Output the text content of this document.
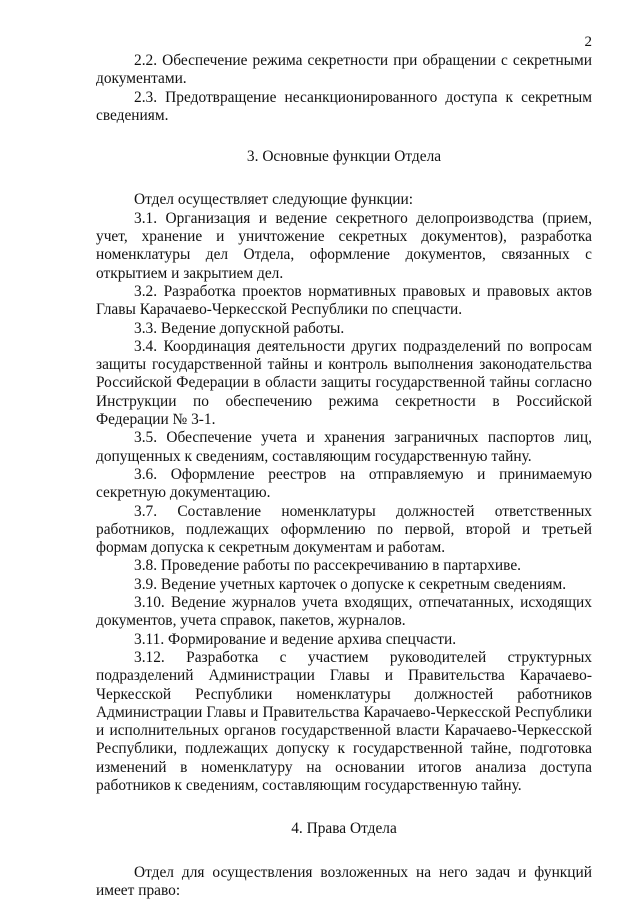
2

2.2. Обеспечение режима секретности при обращении с секретными документами.

2.3. Предотвращение несанкционированного доступа к секретным сведениям.

3. Основные функции Отдела

Отдел осуществляет следующие функции:

3.1. Организация и ведение секретного делопроизводства (прием, учет, хранение и уничтожение секретных документов), разработка номенклатуры дел Отдела, оформление документов, связанных с открытием и закрытием дел.

3.2. Разработка проектов нормативных правовых и правовых актов Главы Карачаево-Черкесской Республики по спецчасти.

3.3. Ведение допускной работы.

3.4. Координация деятельности других подразделений по вопросам защиты государственной тайны и контроль выполнения законодательства Российской Федерации в области защиты государственной тайны согласно Инструкции по обеспечению режима секретности в Российской Федерации № 3-1.

3.5. Обеспечение учета и хранения заграничных паспортов лиц, допущенных к сведениям, составляющим государственную тайну.

3.6. Оформление реестров на отправляемую и принимаемую секретную документацию.

3.7. Составление номенклатуры должностей ответственных работников, подлежащих оформлению по первой, второй и третьей формам допуска к секретным документам и работам.

3.8. Проведение работы по рассекречиванию в партархиве.

3.9. Ведение учетных карточек о допуске к секретным сведениям.

3.10. Ведение журналов учета входящих, отпечатанных, исходящих документов, учета справок, пакетов, журналов.

3.11. Формирование и ведение архива спецчасти.

3.12. Разработка с участием руководителей структурных подразделений Администрации Главы и Правительства Карачаево-Черкесской Республики номенклатуры должностей работников Администрации Главы и Правительства Карачаево-Черкесской Республики и исполнительных органов государственной власти Карачаево-Черкесской Республики, подлежащих допуску к государственной тайне, подготовка изменений в номенклатуру на основании итогов анализа доступа работников к сведениям, составляющим государственную тайну.

4. Права Отдела

Отдел для осуществления возложенных на него задач и функций имеет право:
